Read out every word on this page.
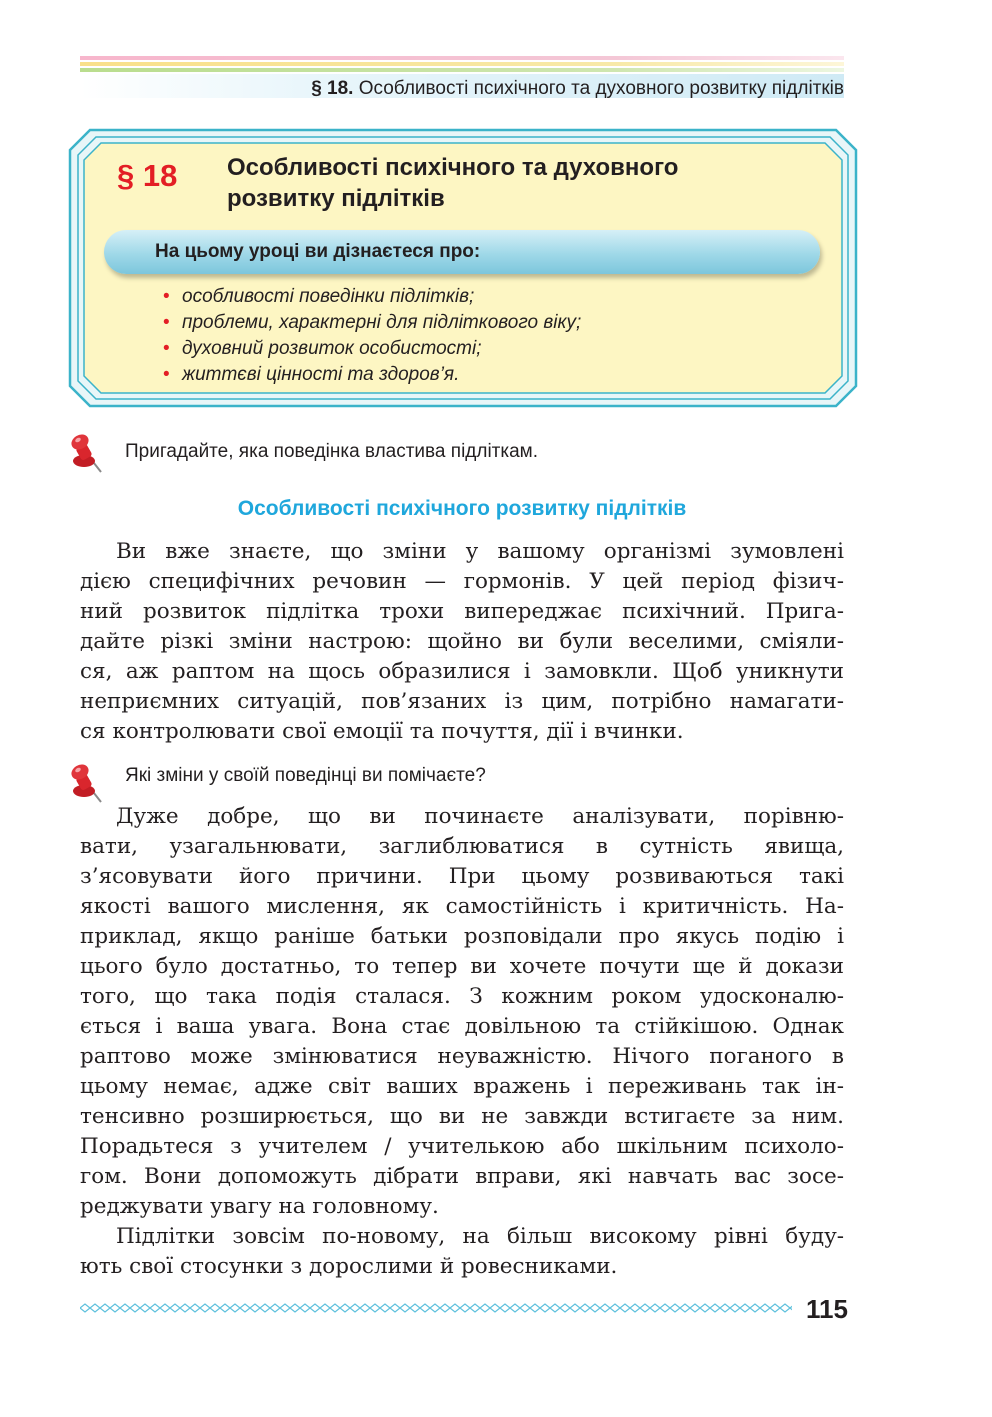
§ 18. Особливості психічного та духовного розвитку підлітків
§ 18 Особливості психічного та духовного
розвитку підлітків
На цьому уроці ви дізнаєтеся про:
• особливості поведінки підлітків;
• проблеми, характерні для підліткового віку;
• духовний розвиток особистості;
• життєві цінності та здоров’я.
Пригадайте, яка поведінка властива підліткам.
Особливості психічного розвитку підлітків

Ви вже знаєте, що зміни у вашому організмі зумовлені

дією специфічних речовин — гормонів. У цей період фізич-

ний розвиток підлітка трохи випереджає психічний. Пригa-

дайте різкі зміни настрою: щойно ви були веселими, сміяли-

ся, аж раптом на щось образилися і замовкли. Щоб уникнути

неприємних ситуацій, пов’язаних із цим, потрібно намагати-

ся контролювати свої емоції та почуття, дії і вчинки.

Які зміни у своїй поведінці ви помічаєте?

Дуже добре, що ви починаєте аналізувати, порівню-

вати, узагальнювати, заглиблюватися в сутність явища,

з’ясовувати його причини. При цьому розвиваються такі

якості вашого мислення, як самостійність і критичність. На-

приклад, якщо раніше батьки розповідали про якусь подію і

цього було достатньо, то тепер ви хочете почути ще й докази

того, що така подія сталася. З кожним роком удосконалю-

ється і ваша увага. Вона стає довільною та стійкішою. Однак

раптово може змінюватися неуважністю. Нічого поганого в

цьому немає, адже світ ваших вражень і переживань так ін-

тенсивно розширюється, що ви не завжди встигаєте за ним.

Порадьтеся з учителем / учителькою або шкільним психоло-

гом. Вони допоможуть дібрати вправи, які навчать вас зосе-

реджувати увагу на головному.

Підлітки зовсім по-новому, на більш високому рівні буду-

ють свої стосунки з дорослими й ровесниками.

115
